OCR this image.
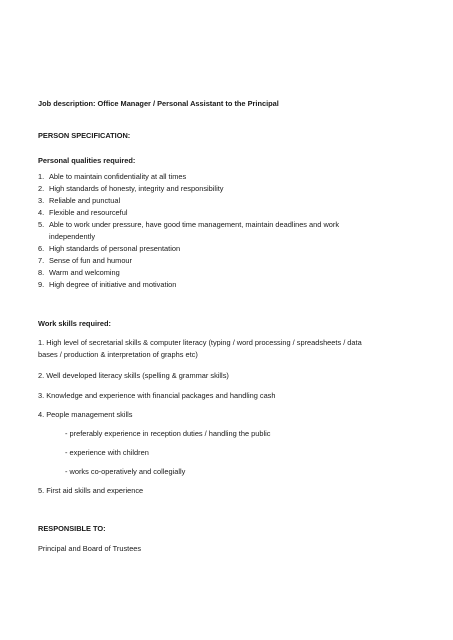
Job description: Office Manager / Personal Assistant to the Principal
PERSON SPECIFICATION:
Personal qualities required:
1. Able to maintain confidentiality at all times
2. High standards of honesty, integrity and responsibility
3. Reliable and punctual
4. Flexible and resourceful
5. Able to work under pressure, have good time management, maintain deadlines and work
independently
6. High standards of personal presentation
7. Sense of fun and humour
8. Warm and welcoming
9. High degree of initiative and motivation
Work skills required:
1. High level of secretarial skills & computer literacy (typing / word processing / spreadsheets / data
bases / production & interpretation of graphs etc)
2. Well developed literacy skills (spelling & grammar skills)
3. Knowledge and experience with financial packages and handling cash
4. People management skills
- preferably experience in reception duties / handling the public
- experience with children
- works co-operatively and collegially
5. First aid skills and experience
RESPONSIBLE TO:
Principal and Board of Trustees
